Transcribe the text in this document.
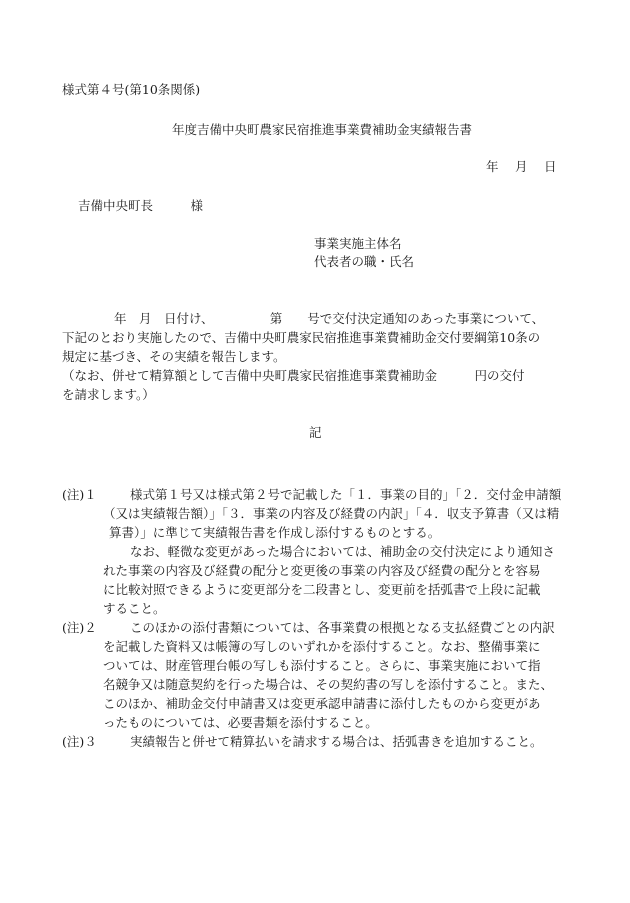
様式第４号(第10条関係)
年度吉備中央町農家民宿推進事業費補助金実績報告書
年　月　日
吉備中央町長　　　様
事業実施主体名
代表者の職・氏名
年　月　日付け、　　　　　第　　号で交付決定通知のあった事業について、
下記のとおり実施したので、吉備中央町農家民宿推進事業費補助金交付要綱第10条の
規定に基づき、その実績を報告します。
（なお、併せて精算額として吉備中央町農家民宿推進事業費補助金　　　円の交付
を請求します。）
記
(注)１	様式第１号又は様式第２号で記載した「１．事業の目的」「２．交付金申請額
（又は実績報告額）」「３．事業の内容及び経費の内訳」「４．収支予算書（又は精
算書）」に準じて実績報告書を作成し添付するものとする。
なお、軽微な変更があった場合においては、補助金の交付決定により通知さ
れた事業の内容及び経費の配分と変更後の事業の内容及び経費の配分とを容易
に比較対照できるように変更部分を二段書とし、変更前を括弧書で上段に記載
すること。
(注)２	このほかの添付書類については、各事業費の根拠となる支払経費ごとの内訳
を記載した資料又は帳簿の写しのいずれかを添付すること。なお、整備事業に
ついては、財産管理台帳の写しも添付すること。さらに、事業実施において指
名競争又は随意契約を行った場合は、その契約書の写しを添付すること。また、
このほか、補助金交付申請書又は変更承認申請書に添付したものから変更があ
ったものについては、必要書類を添付すること。
(注)３	実績報告と併せて精算払いを請求する場合は、括弧書きを追加すること。
